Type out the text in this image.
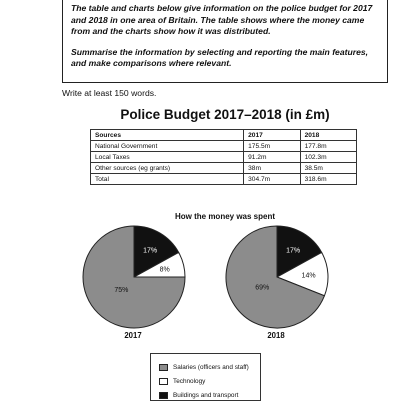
The table and charts below give information on the police budget for 2017 and 2018 in one area of Britain. The table shows where the money came from and the charts show how it was distributed.

Summarise the information by selecting and reporting the main features, and make comparisons where relevant.

Write at least 150 words.
Police Budget 2017–2018 (in £m)
Sources	2017	2018
National Government	175.5m	177.8m
Local Taxes	91.2m	102.3m
Other sources (eg grants)	38m	38.5m
Total	304.7m	318.6m
How the money was spent
17%
8%
75%
17%
14%
69%
2017	2018
Salaries (officers and staff)
Technology
Buildings and transport
